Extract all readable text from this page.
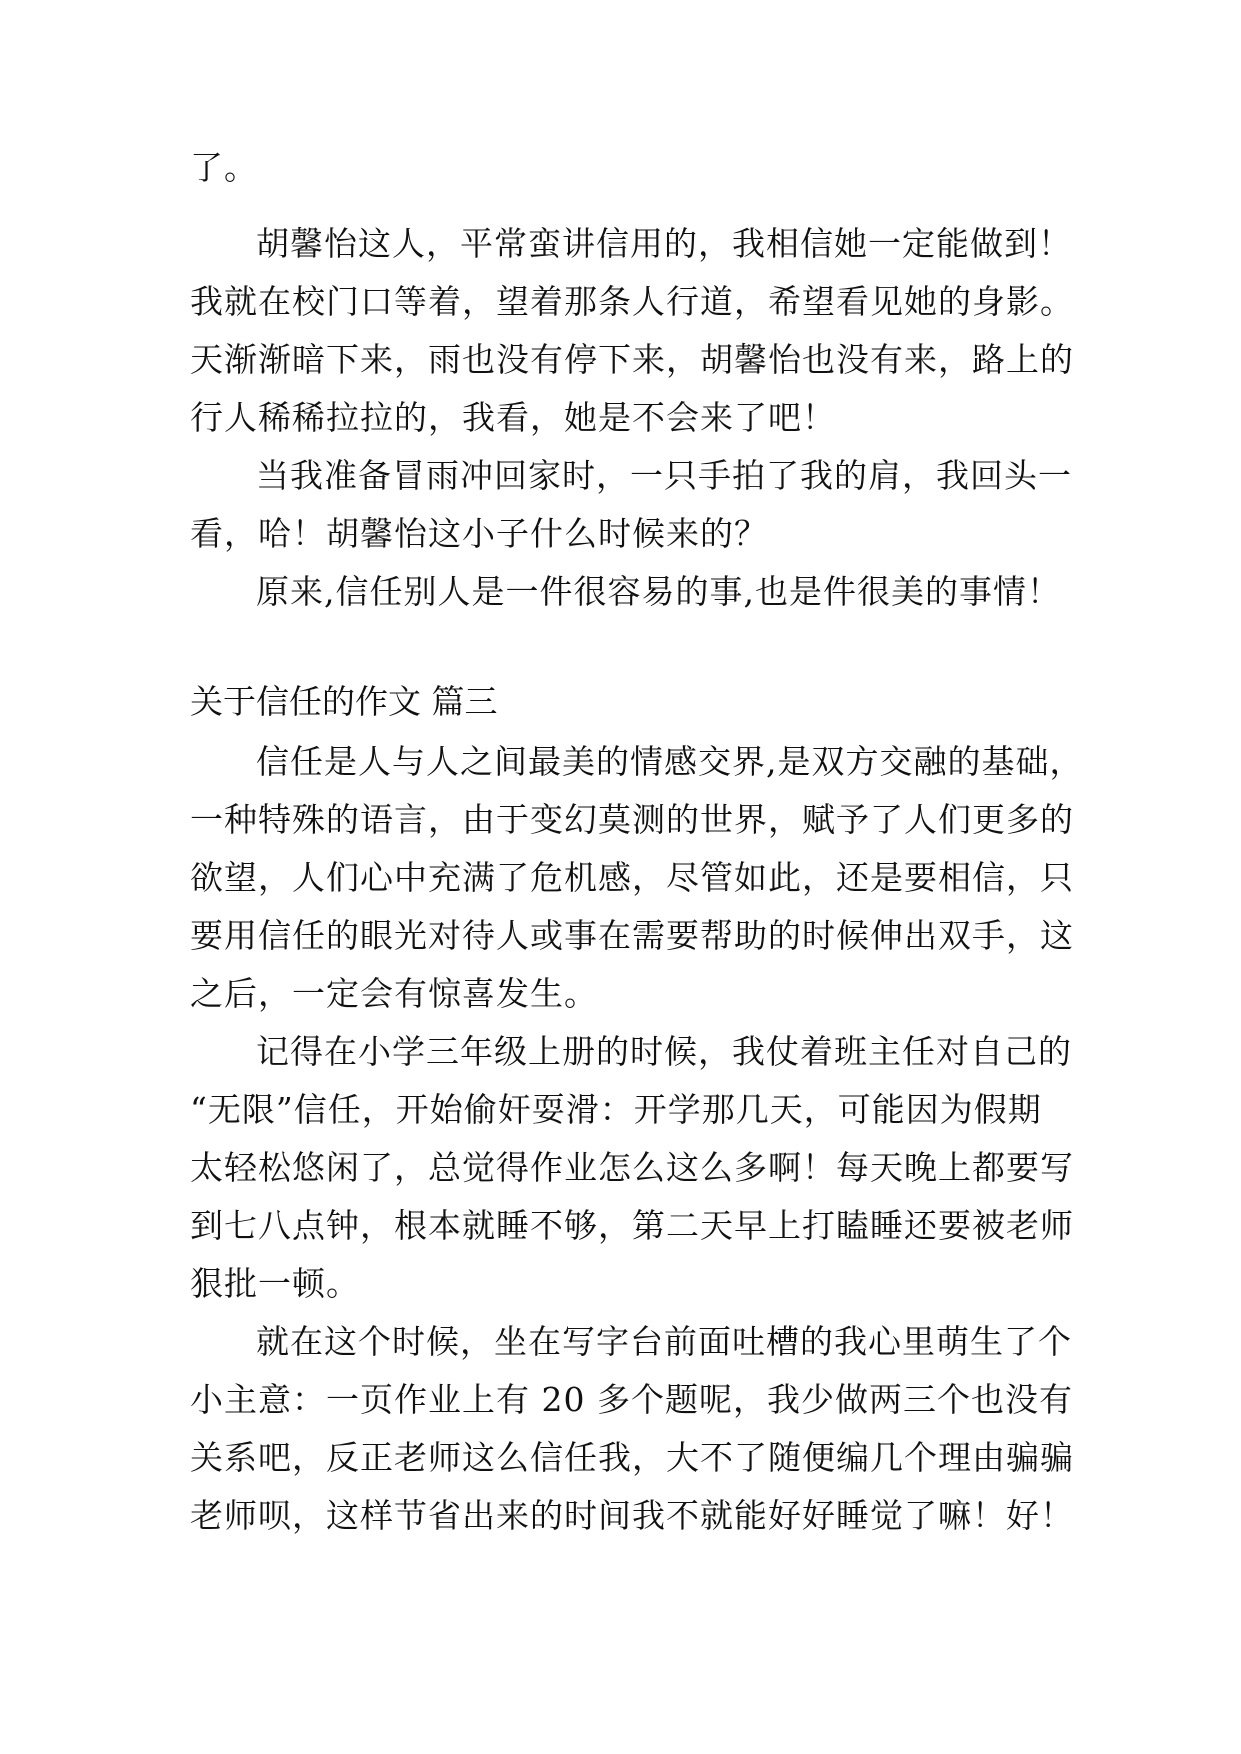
了。

胡馨怡这人，平常蛮讲信用的，我相信她一定能做到！

我就在校门口等着，望着那条人行道，希望看见她的身影。

天渐渐暗下来，雨也没有停下来，胡馨怡也没有来，路上的

行人稀稀拉拉的，我看，她是不会来了吧！

当我准备冒雨冲回家时，一只手拍了我的肩，我回头一

看，哈！胡馨怡这小子什么时候来的？

原来,信任别人是一件很容易的事,也是件很美的事情！

关于信任的作文 篇三

信任是人与人之间最美的情感交界,是双方交融的基础，

一种特殊的语言，由于变幻莫测的世界，赋予了人们更多的

欲望，人们心中充满了危机感，尽管如此，还是要相信，只

要用信任的眼光对待人或事在需要帮助的时候伸出双手，这

之后，一定会有惊喜发生。

记得在小学三年级上册的时候，我仗着班主任对自己的

“无限”信任，开始偷奸耍滑：开学那几天，可能因为假期

太轻松悠闲了，总觉得作业怎么这么多啊！每天晚上都要写

到七八点钟，根本就睡不够，第二天早上打瞌睡还要被老师

狠批一顿。

就在这个时候，坐在写字台前面吐槽的我心里萌生了个

小主意：一页作业上有 20 多个题呢，我少做两三个也没有

关系吧，反正老师这么信任我，大不了随便编几个理由骗骗

老师呗，这样节省出来的时间我不就能好好睡觉了嘛！好！
